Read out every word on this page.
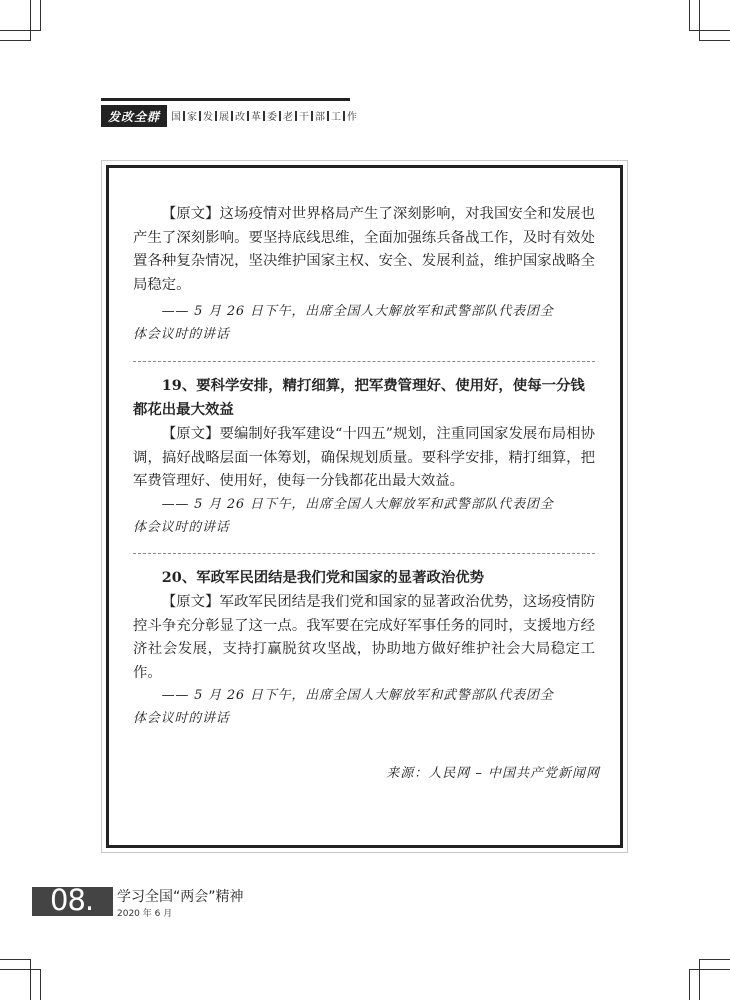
发改全群	国 家 发 展 改 革 委 老 干 部 工 作
【原文】这场疫情对世界格局产生了深刻影响，对我国安全和发展也产生了深刻影响。要坚持底线思维，全面加强练兵备战工作，及时有效处置各种复杂情况，坚决维护国家主权、安全、发展利益，维护国家战略全局稳定。
—— 5 月 26 日下午，出席全国人大解放军和武警部队代表团全
体会议时的讲话
19、要科学安排，精打细算，把军费管理好、使用好，使每一分钱都花出最大效益
【原文】要编制好我军建设“十四五”规划，注重同国家发展布局相协调，搞好战略层面一体筹划，确保规划质量。要科学安排，精打细算，把军费管理好、使用好，使每一分钱都花出最大效益。
—— 5 月 26 日下午，出席全国人大解放军和武警部队代表团全
体会议时的讲话
20、军政军民团结是我们党和国家的显著政治优势
【原文】军政军民团结是我们党和国家的显著政治优势，这场疫情防控斗争充分彰显了这一点。我军要在完成好军事任务的同时，支援地方经济社会发展，支持打赢脱贫攻坚战，协助地方做好维护社会大局稳定工作。
—— 5 月 26 日下午，出席全国人大解放军和武警部队代表团全
体会议时的讲话
来源：人民网 – 中国共产党新闻网
08. 学习全国“两会”精神
2020 年 6 月
